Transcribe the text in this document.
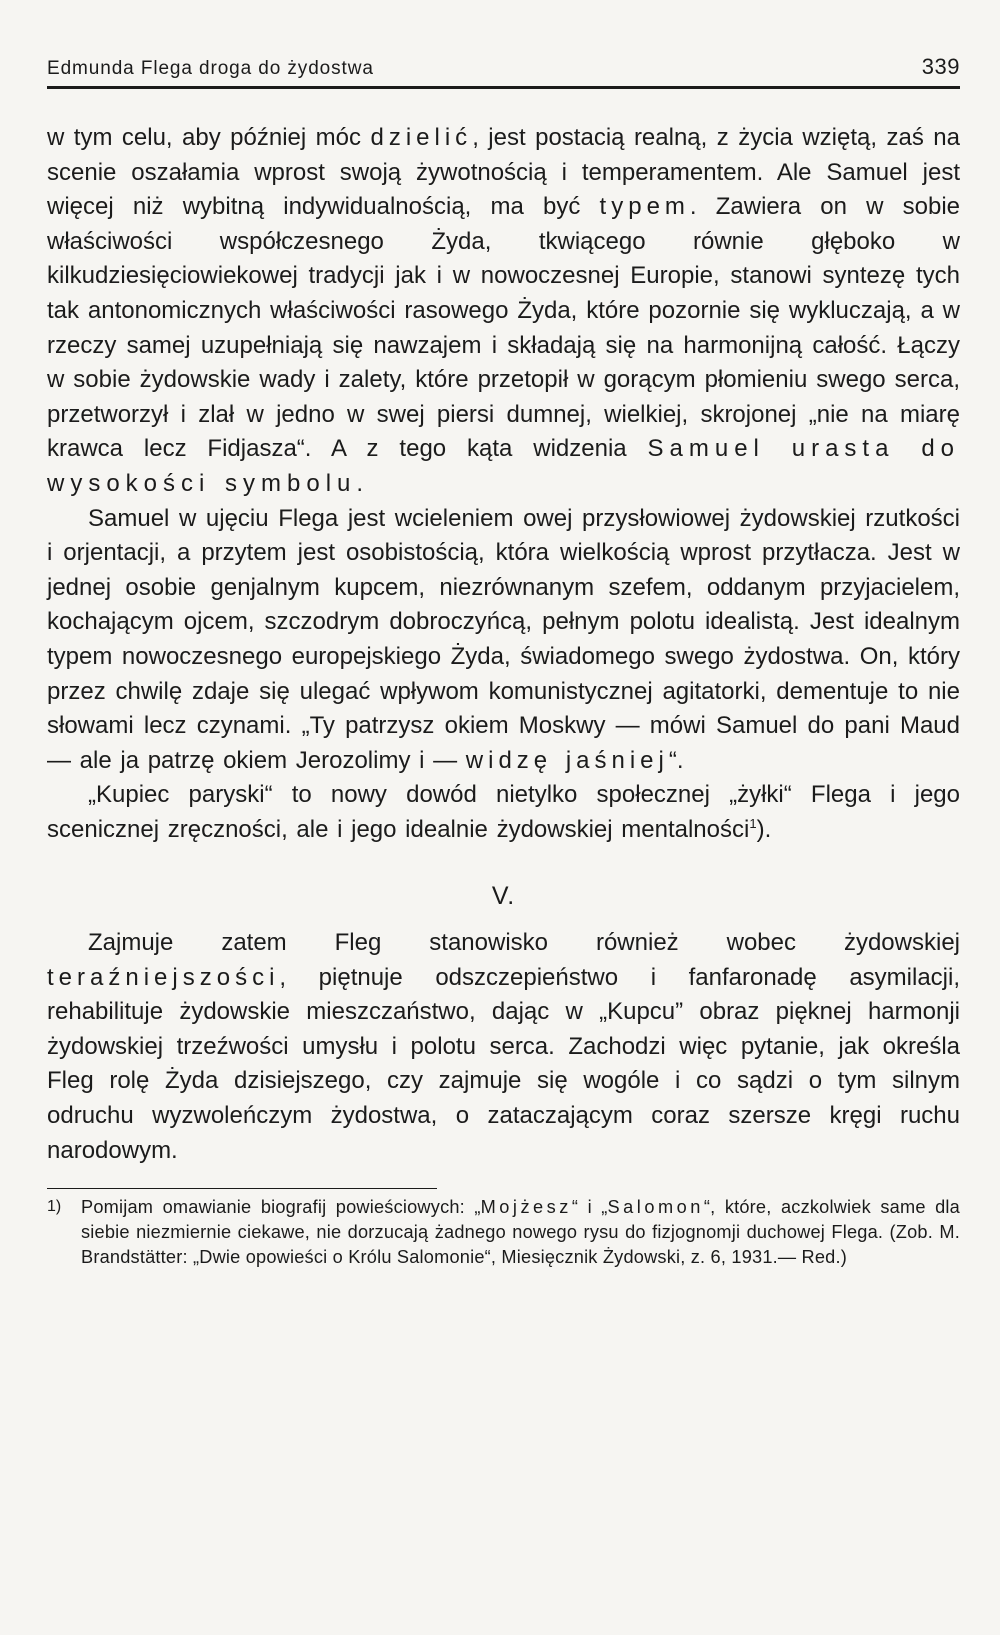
Edmunda Flega droga do żydostwa	339

w tym celu, aby później móc dzielić, jest postacią realną, z życia wziętą, zaś na scenie oszałamia wprost swoją żywotnością i temperamentem. Ale Samuel jest więcej niż wybitną indywidualnością, ma być typem. Zawiera on w sobie właściwości współczesnego Żyda, tkwiącego równie głęboko w kilkudziesięciowiekowej tradycji jak i w nowoczesnej Europie, stanowi syntezę tych tak antonomicznych właściwości rasowego Żyda, które pozornie się wykluczają, a w rzeczy samej uzupełniają się nawzajem i składają się na harmonijną całość. Łączy w sobie żydowskie wady i zalety, które przetopił w gorącym płomieniu swego serca, przetworzył i zlał w jedno w swej piersi dumnej, wielkiej, skrojonej „nie na miarę krawca lecz Fidjasza“. A z tego kąta widzenia Samuel urasta do wysokości symbolu.

Samuel w ujęciu Flega jest wcieleniem owej przysłowiowej żydowskiej rzutkości i orjentacji, a przytem jest osobistością, która wielkością wprost przytłacza. Jest w jednej osobie genjalnym kupcem, niezrównanym szefem, oddanym przyjacielem, kochającym ojcem, szczodrym dobroczyńcą, pełnym polotu idealistą. Jest idealnym typem nowoczesnego europejskiego Żyda, świadomego swego żydostwa. On, który przez chwilę zdaje się ulegać wpływom komunistycznej agitatorki, dementuje to nie słowami lecz czynami. „Ty patrzysz okiem Moskwy — mówi Samuel do pani Maud — ale ja patrzę okiem Jerozolimy i — widzę jaśniej“.

„Kupiec paryski“ to nowy dowód nietylko społecznej „żyłki“ Flega i jego scenicznej zręczności, ale i jego idealnie żydowskiej mentalności$^1$).

V.

Zajmuje zatem Fleg stanowisko również wobec żydowskiej teraźniejszości, piętnuje odszczepieństwo i fanfaronadę asymilacji, rehabilituje żydowskie mieszczaństwo, dając w „Kupcu” obraz pięknej harmonji żydowskiej trzeźwości umysłu i polotu serca. Zachodzi więc pytanie, jak określa Fleg rolę Żyda dzisiejszego, czy zajmuje się wogóle i co sądzi o tym silnym odruchu wyzwoleńczym żydostwa, o zataczającym coraz szersze kręgi ruchu narodowym.

1)	Pomijam omawianie biografij powieściowych: „Mojżesz“ i „Salomon“, które, aczkolwiek same dla siebie niezmiernie ciekawe, nie dorzucają żadnego nowego rysu do fizjognomji duchowej Flega. (Zob. M. Brandstätter: „Dwie opowieści o Królu Salomonie“, Miesięcznik Żydowski, z. 6, 1931.— Red.)
